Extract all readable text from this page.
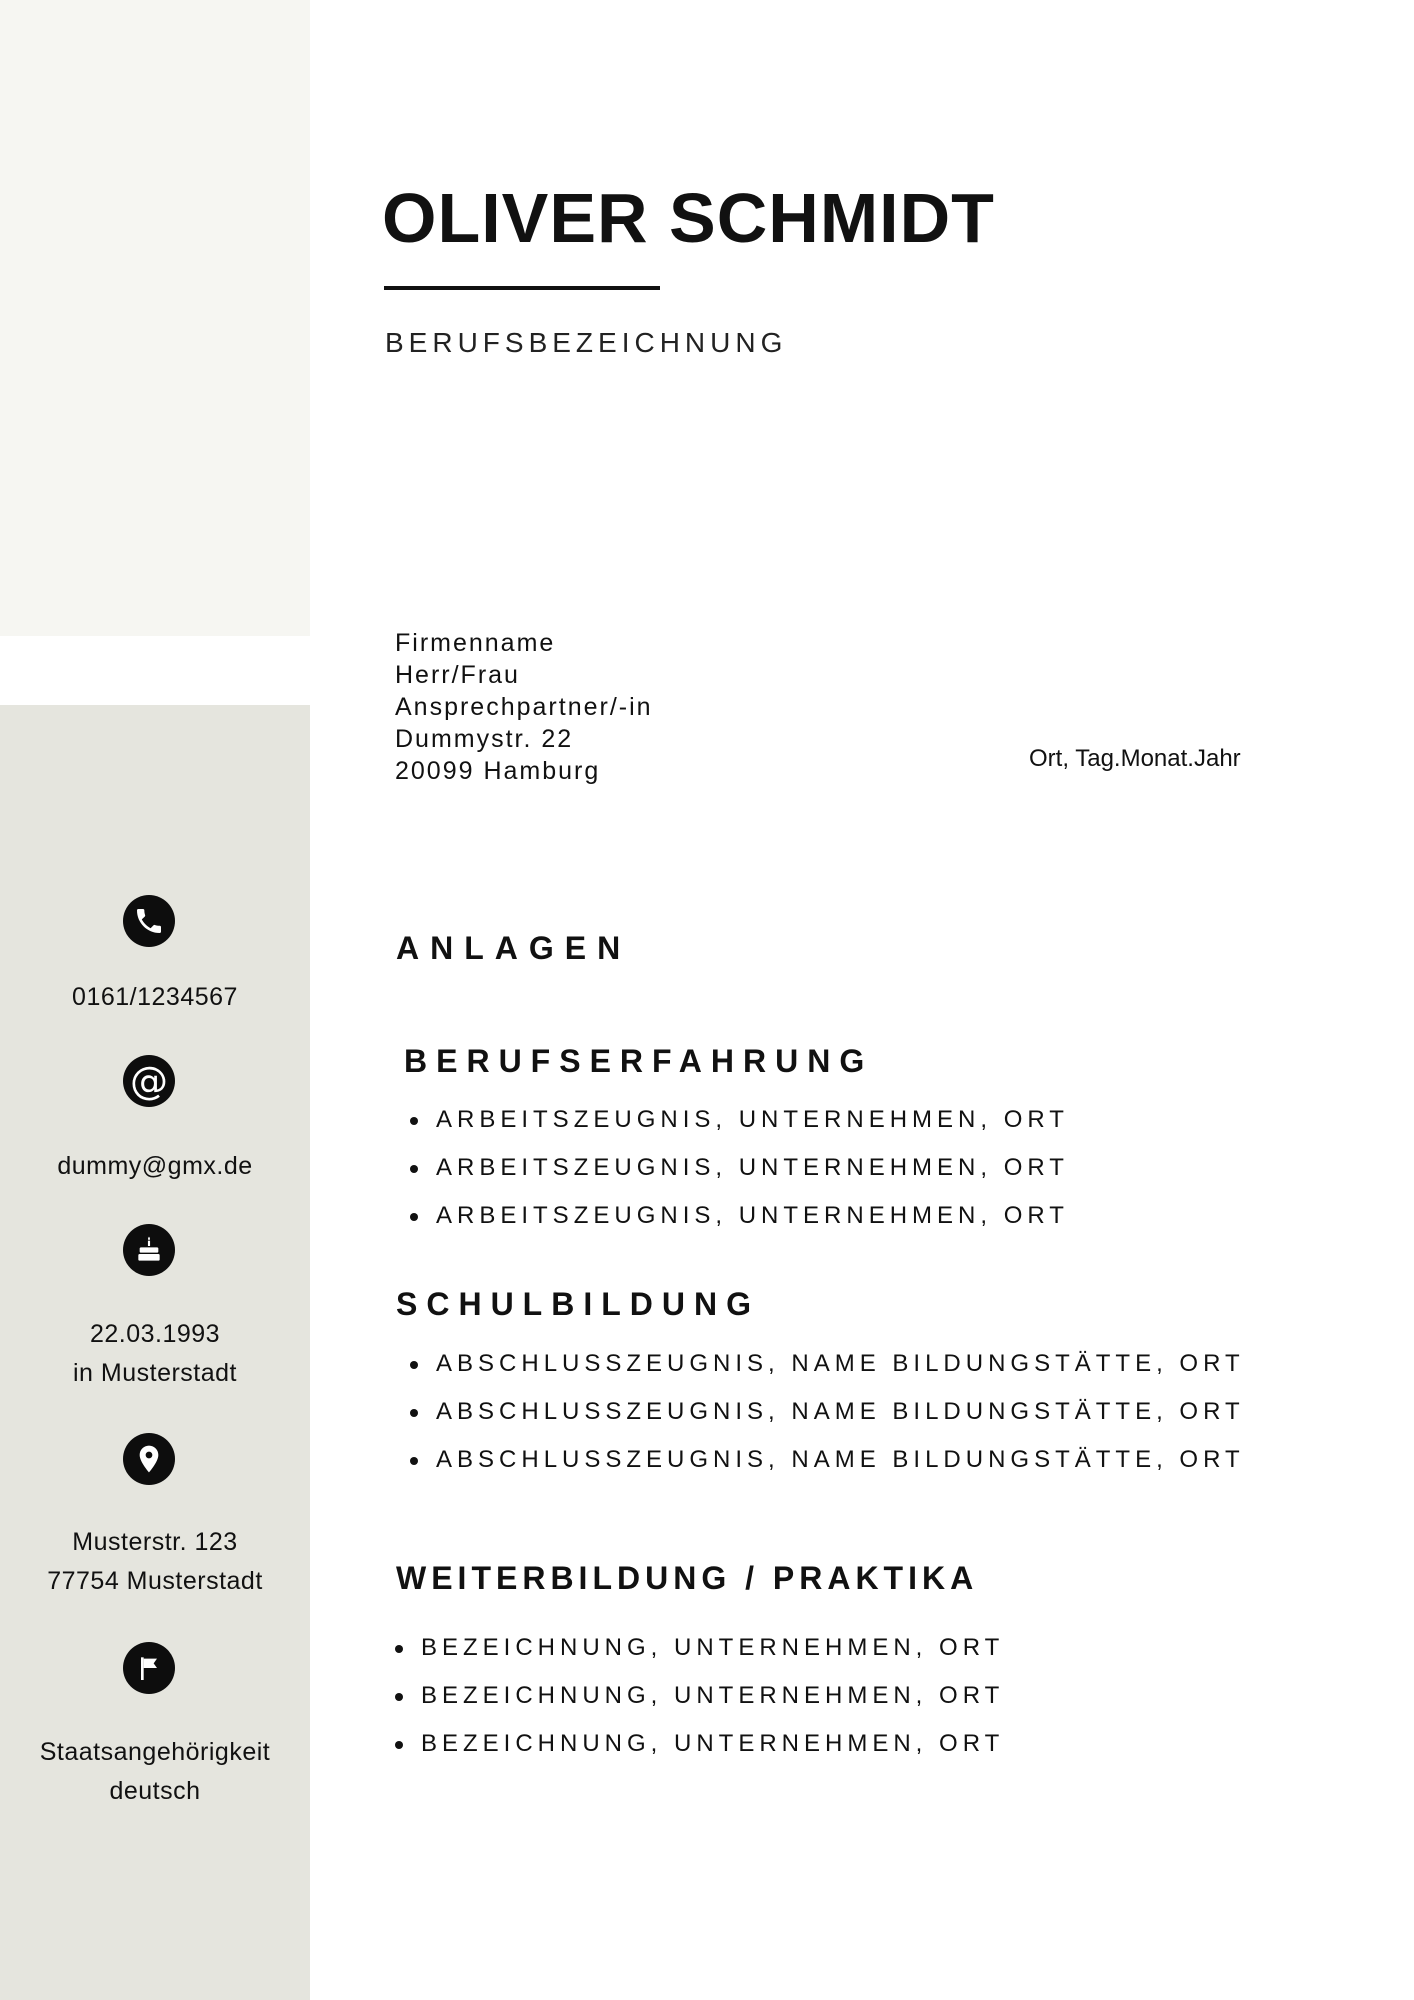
OLIVER SCHMIDT
BERUFSBEZEICHNUNG
Firmenname
Herr/Frau
Ansprechpartner/-in
Dummystr. 22
20099 Hamburg	Ort, Tag.Monat.Jahr
0161/1234567
@
dummy@gmx.de
22.03.1993
in Musterstadt
Musterstr. 123
77754 Musterstadt
Staatsangehörigkeit
deutsch
ANLAGEN
BERUFSERFAHRUNG
ARBEITSZEUGNIS, UNTERNEHMEN, ORT
ARBEITSZEUGNIS, UNTERNEHMEN, ORT
ARBEITSZEUGNIS, UNTERNEHMEN, ORT
SCHULBILDUNG
ABSCHLUSSZEUGNIS, NAME BILDUNGSTÄTTE, ORT
ABSCHLUSSZEUGNIS, NAME BILDUNGSTÄTTE, ORT
ABSCHLUSSZEUGNIS, NAME BILDUNGSTÄTTE, ORT
WEITERBILDUNG / PRAKTIKA
BEZEICHNUNG, UNTERNEHMEN, ORT
BEZEICHNUNG, UNTERNEHMEN, ORT
BEZEICHNUNG, UNTERNEHMEN, ORT
